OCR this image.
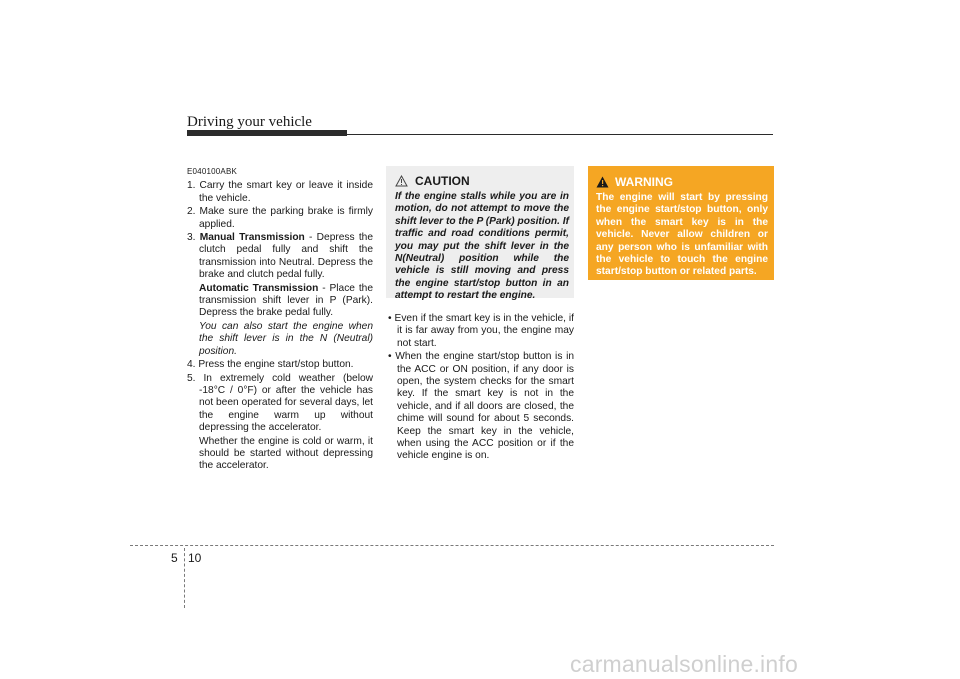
Driving your vehicle
E040100ABK
1. Carry the smart key or leave it inside the vehicle.
2. Make sure the parking brake is firmly applied.
3. Manual Transmission - Depress the clutch pedal fully and shift the transmission into Neutral. Depress the brake and clutch pedal fully.
Automatic Transmission - Place the transmission shift lever in P (Park). Depress the brake pedal fully.
You can also start the engine when the shift lever is in the N (Neutral) position.
4. Press the engine start/stop button.
5. In extremely cold weather (below -18°C / 0°F) or after the vehicle has not been operated for several days, let the engine warm up without depressing the accelerator.
Whether the engine is cold or warm, it should be started without depressing the accelerator.
CAUTION
If the engine stalls while you are in motion, do not attempt to move the shift lever to the P (Park) position. If traffic and road conditions permit, you may put the shift lever in the N(Neutral) position while the vehicle is still moving and press the engine start/stop button in an attempt to restart the engine.
• Even if the smart key is in the vehicle, if it is far away from you, the engine may not start.
• When the engine start/stop button is in the ACC or ON position, if any door is open, the system checks for the smart key. If the smart key is not in the vehicle, and if all doors are closed, the chime will sound for about 5 seconds. Keep the smart key in the vehicle, when using the ACC position or if the vehicle engine is on.
WARNING
The engine will start by pressing the engine start/stop button, only when the smart key is in the vehicle. Never allow children or any person who is unfamiliar with the vehicle to touch the engine start/stop button or related parts.
5 10
carmanualsonline.info
